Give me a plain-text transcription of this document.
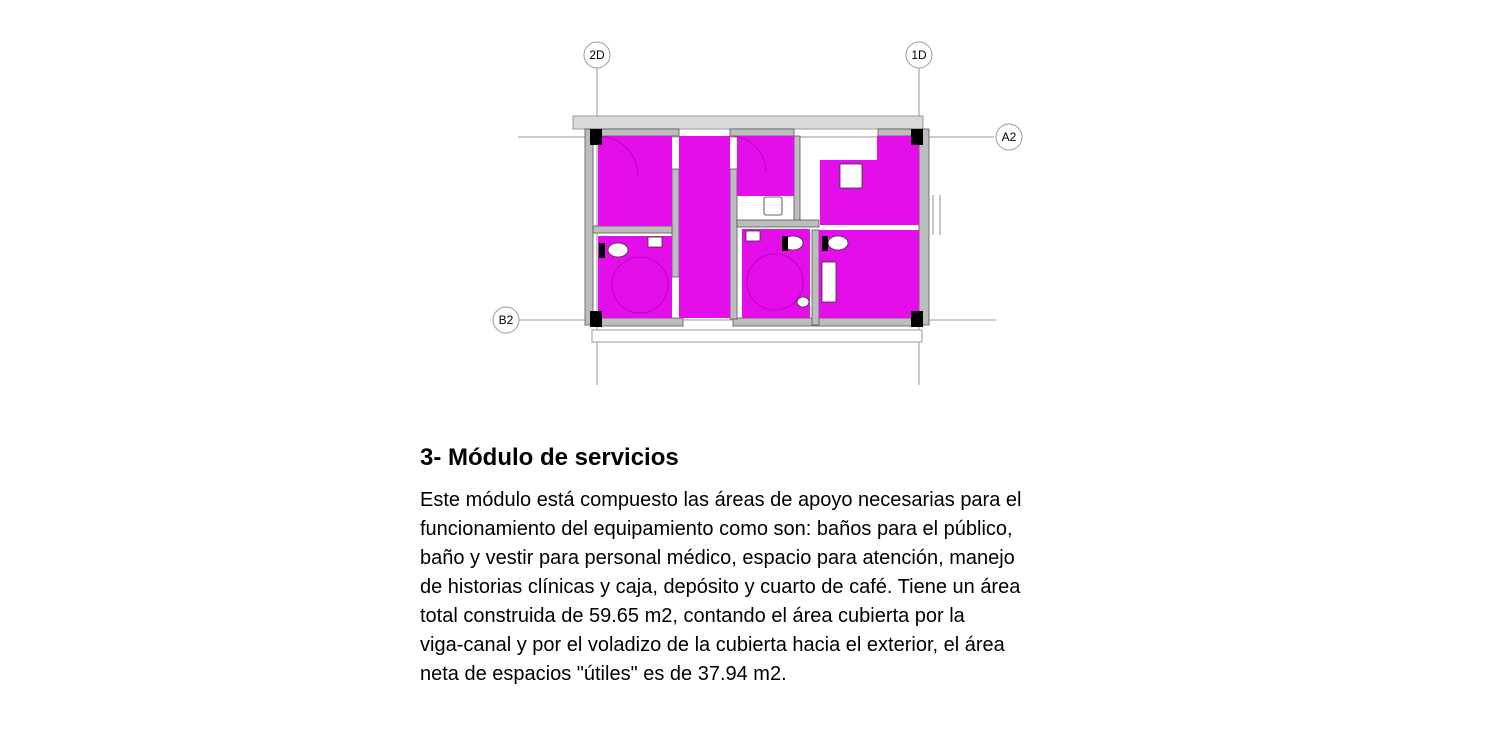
2D	1D
A2
B2
3- Módulo de servicios
Este módulo está compuesto las áreas de apoyo necesarias para el
funcionamiento del equipamiento como son: baños para el público,
baño y vestir para personal médico, espacio para atención, manejo
de historias clínicas y caja, depósito y cuarto de café. Tiene un área
total construida de 59.65 m2, contando el área cubierta por la
viga-canal y por el voladizo de la cubierta hacia el exterior, el área
neta de espacios "útiles" es de 37.94 m2.
